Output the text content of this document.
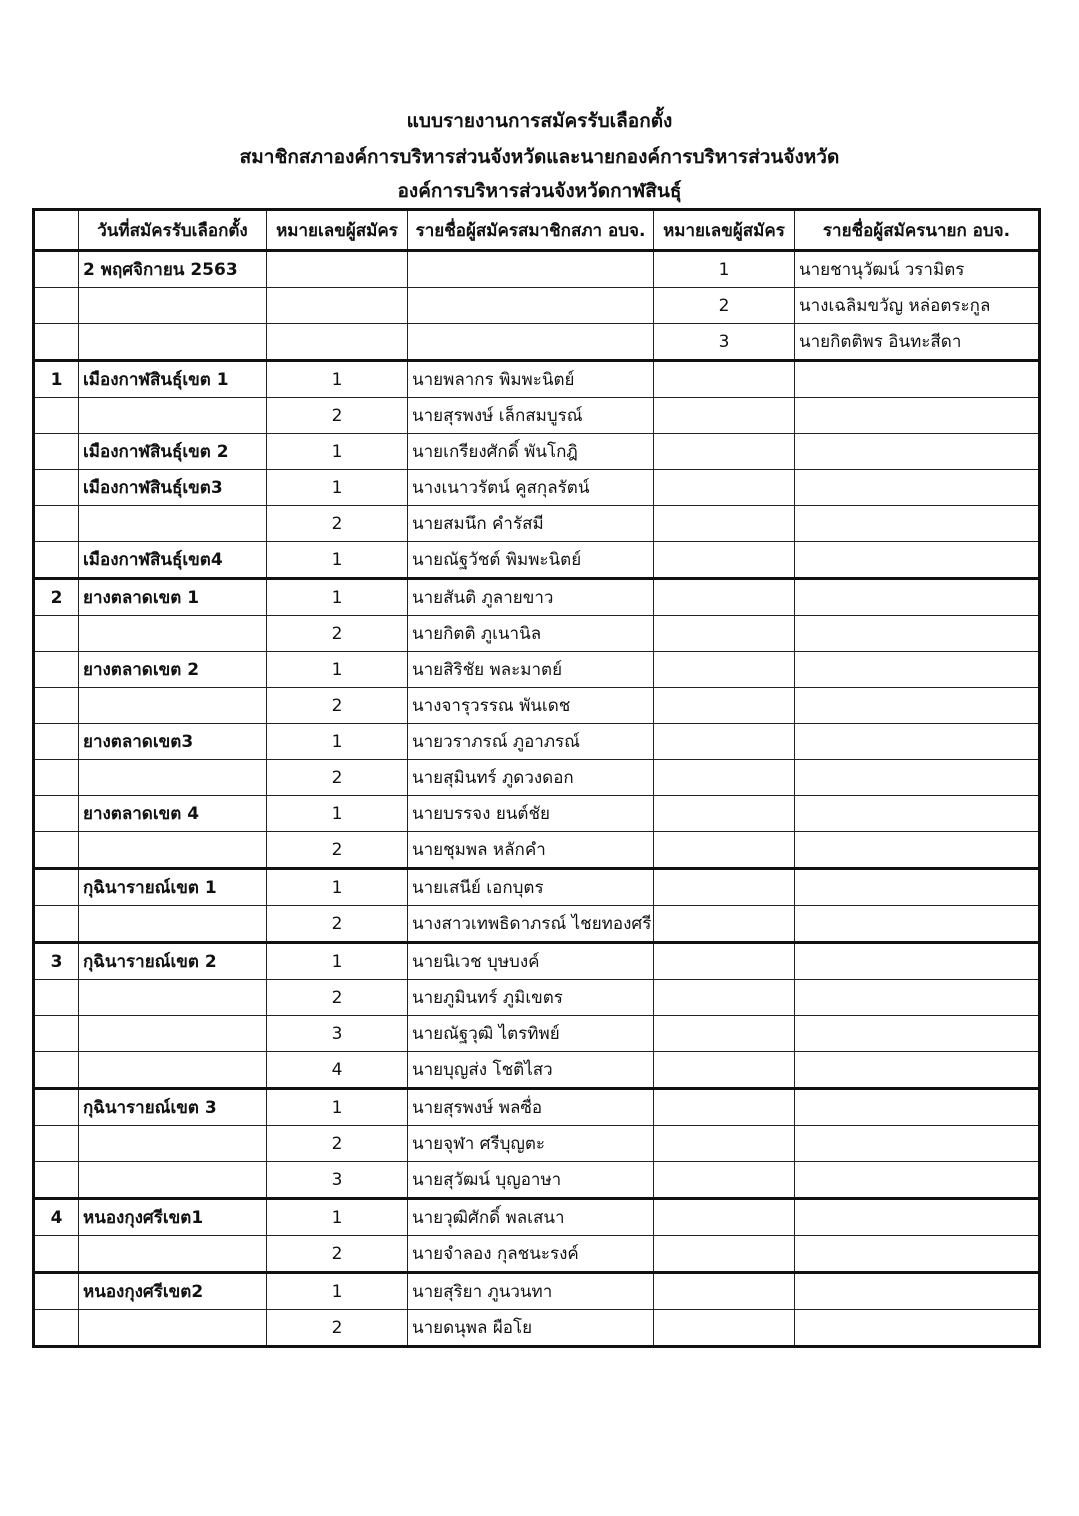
แบบรายงานการสมัครรับเลือกตั้ง
สมาชิกสภาองค์การบริหารส่วนจังหวัดและนายกองค์การบริหารส่วนจังหวัด
องค์การบริหารส่วนจังหวัดกาฬสินธุ์
	วันที่สมัครรับเลือกตั้ง	หมายเลขผู้สมัคร	รายชื่อผู้สมัครสมาชิกสภา อบจ.	หมายเลขผู้สมัคร	รายชื่อผู้สมัครนายก อบจ.
	2 พฤศจิกายน 2563			1	นายชานุวัฒน์ วรามิตร
				2	นางเฉลิมขวัญ หล่อตระกูล
				3	นายกิตติพร อินทะสีดา
1	เมืองกาฬสินธุ์เขต 1	1	นายพลากร พิมพะนิตย์		
		2	นายสุรพงษ์ เล็กสมบูรณ์		
	เมืองกาฬสินธุ์เขต 2	1	นายเกรียงศักดิ์ พันโกฎิ		
	เมืองกาฬสินธุ์เขต3	1	นางเนาวรัตน์ คูสกุลรัตน์		
		2	นายสมนึก คำรัสมี		
	เมืองกาฬสินธุ์เขต4	1	นายณัฐวัชต์ พิมพะนิตย์		
2	ยางตลาดเขต 1	1	นายสันติ ภูลายขาว		
		2	นายกิตติ ภูเนานิล		
	ยางตลาดเขต 2	1	นายสิริชัย พละมาตย์		
		2	นางจารุวรรณ พันเดช		
	ยางตลาดเขต3	1	นายวราภรณ์ ภูอาภรณ์		
		2	นายสุมินทร์ ภูดวงดอก		
	ยางตลาดเขต 4	1	นายบรรจง ยนต์ชัย		
		2	นายชุมพล หลักคำ		
	กุฉินารายณ์เขต 1	1	นายเสนีย์ เอกบุตร		
		2	นางสาวเทพธิดาภรณ์ ไชยทองศรี		
3	กุฉินารายณ์เขต 2	1	นายนิเวช บุษบงค์		
		2	นายภูมินทร์ ภูมิเขตร		
		3	นายณัฐวุฒิ ไตรทิพย์		
		4	นายบุญส่ง โชติไสว		
	กุฉินารายณ์เขต 3	1	นายสุรพงษ์ พลซื่อ		
		2	นายจุฬา ศรีบุญตะ		
		3	นายสุวัฒน์ บุญอาษา		
4	หนองกุงศรีเขต1	1	นายวุฒิศักดิ์ พลเสนา		
		2	นายจำลอง กุลชนะรงค์		
	หนองกุงศรีเขต2	1	นายสุริยา ภูนวนทา		
		2	นายดนุพล ผือโย		
